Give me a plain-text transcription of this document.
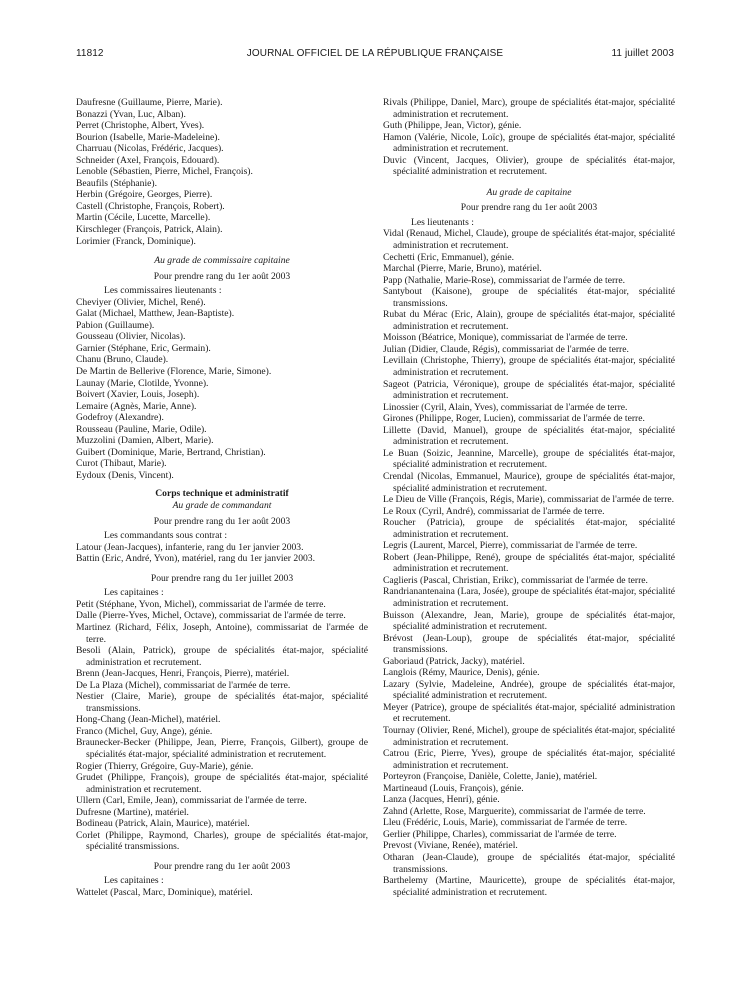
11812	JOURNAL OFFICIEL DE LA RÉPUBLIQUE FRANÇAISE	11 juillet 2003
Daufresne (Guillaume, Pierre, Marie).
Bonazzi (Yvan, Luc, Alban).
Perret (Christophe, Albert, Yves).
Bourion (Isabelle, Marie-Madeleine).
Charruau (Nicolas, Frédéric, Jacques).
Schneider (Axel, François, Edouard).
Lenoble (Sébastien, Pierre, Michel, François).
Beaufils (Stéphanie).
Herbin (Grégoire, Georges, Pierre).
Castell (Christophe, François, Robert).
Martin (Cécile, Lucette, Marcelle).
Kirschleger (François, Patrick, Alain).
Lorimier (Franck, Dominique).
Au grade de commissaire capitaine
Pour prendre rang du 1er août 2003
Les commissaires lieutenants :
Cheviyer (Olivier, Michel, René).
Galat (Michael, Matthew, Jean-Baptiste).
Pabion (Guillaume).
Gousseau (Olivier, Nicolas).
Garnier (Stéphane, Eric, Germain).
Chanu (Bruno, Claude).
De Martin de Bellerive (Florence, Marie, Simone).
Launay (Marie, Clotilde, Yvonne).
Boivert (Xavier, Louis, Joseph).
Lemaire (Agnès, Marie, Anne).
Godefroy (Alexandre).
Rousseau (Pauline, Marie, Odile).
Muzzolini (Damien, Albert, Marie).
Guibert (Dominique, Marie, Bertrand, Christian).
Curot (Thibaut, Marie).
Eydoux (Denis, Vincent).
Corps technique et administratif
Au grade de commandant
Pour prendre rang du 1er août 2003
Les commandants sous contrat :
Latour (Jean-Jacques), infanterie, rang du 1er janvier 2003.
Battin (Eric, André, Yvon), matériel, rang du 1er janvier 2003.
Pour prendre rang du 1er juillet 2003
Les capitaines :
Petit (Stéphane, Yvon, Michel), commissariat de l'armée de terre.
Dalle (Pierre-Yves, Michel, Octave), commissariat de l'armée de terre.
Martinez (Richard, Félix, Joseph, Antoine), commissariat de l'armée de terre.
Besoli (Alain, Patrick), groupe de spécialités état-major, spécialité administration et recrutement.
Brenn (Jean-Jacques, Henri, François, Pierre), matériel.
De La Plaza (Michel), commissariat de l'armée de terre.
Nestier (Claire, Marie), groupe de spécialités état-major, spécialité transmissions.
Hong-Chang (Jean-Michel), matériel.
Franco (Michel, Guy, Ange), génie.
Braunecker-Becker (Philippe, Jean, Pierre, François, Gilbert), groupe de spécialités état-major, spécialité administration et recrutement.
Rogier (Thierry, Grégoire, Guy-Marie), génie.
Grudet (Philippe, François), groupe de spécialités état-major, spécialité administration et recrutement.
Ullern (Carl, Emile, Jean), commissariat de l'armée de terre.
Dufresne (Martine), matériel.
Bodineau (Patrick, Alain, Maurice), matériel.
Corlet (Philippe, Raymond, Charles), groupe de spécialités état-major, spécialité transmissions.
Pour prendre rang du 1er août 2003
Les capitaines :
Wattelet (Pascal, Marc, Dominique), matériel.
Rivals (Philippe, Daniel, Marc), groupe de spécialités état-major, spécialité administration et recrutement.
Guth (Philippe, Jean, Victor), génie.
Hamon (Valérie, Nicole, Loïc), groupe de spécialités état-major, spécialité administration et recrutement.
Duvic (Vincent, Jacques, Olivier), groupe de spécialités état-major, spécialité administration et recrutement.
Au grade de capitaine
Pour prendre rang du 1er août 2003
Les lieutenants :
Vidal (Renaud, Michel, Claude), groupe de spécialités état-major, spécialité administration et recrutement.
Cechetti (Eric, Emmanuel), génie.
Marchal (Pierre, Marie, Bruno), matériel.
Papp (Nathalie, Marie-Rose), commissariat de l'armée de terre.
Santybout (Kaisone), groupe de spécialités état-major, spécialité transmissions.
Rubat du Mérac (Eric, Alain), groupe de spécialités état-major, spécialité administration et recrutement.
Moisson (Béatrice, Monique), commissariat de l'armée de terre.
Julian (Didier, Claude, Régis), commissariat de l'armée de terre.
Levillain (Christophe, Thierry), groupe de spécialités état-major, spécialité administration et recrutement.
Sageot (Patricia, Véronique), groupe de spécialités état-major, spécialité administration et recrutement.
Linossier (Cyril, Alain, Yves), commissariat de l'armée de terre.
Girones (Philippe, Roger, Lucien), commissariat de l'armée de terre.
Lillette (David, Manuel), groupe de spécialités état-major, spécialité administration et recrutement.
Le Buan (Soizic, Jeannine, Marcelle), groupe de spécialités état-major, spécialité administration et recrutement.
Crendal (Nicolas, Emmanuel, Maurice), groupe de spécialités état-major, spécialité administration et recrutement.
Le Dieu de Ville (François, Régis, Marie), commissariat de l'armée de terre.
Le Roux (Cyril, André), commissariat de l'armée de terre.
Roucher (Patricia), groupe de spécialités état-major, spécialité administration et recrutement.
Legris (Laurent, Marcel, Pierre), commissariat de l'armée de terre.
Robert (Jean-Philippe, René), groupe de spécialités état-major, spécialité administration et recrutement.
Caglieris (Pascal, Christian, Erikc), commissariat de l'armée de terre.
Randrianantenaina (Lara, Josée), groupe de spécialités état-major, spécialité administration et recrutement.
Buisson (Alexandre, Jean, Marie), groupe de spécialités état-major, spécialité administration et recrutement.
Brévost (Jean-Loup), groupe de spécialités état-major, spécialité transmissions.
Gaboriaud (Patrick, Jacky), matériel.
Langlois (Rémy, Maurice, Denis), génie.
Lazary (Sylvie, Madeleine, Andrée), groupe de spécialités état-major, spécialité administration et recrutement.
Meyer (Patrice), groupe de spécialités état-major, spécialité administration et recrutement.
Tournay (Olivier, René, Michel), groupe de spécialités état-major, spécialité administration et recrutement.
Catrou (Eric, Pierre, Yves), groupe de spécialités état-major, spécialité administration et recrutement.
Porteyron (Françoise, Danièle, Colette, Janie), matériel.
Martineaud (Louis, François), génie.
Lanza (Jacques, Henri), génie.
Zahnd (Arlette, Rose, Marguerite), commissariat de l'armée de terre.
Lleu (Frédéric, Louis, Marie), commissariat de l'armée de terre.
Gerlier (Philippe, Charles), commissariat de l'armée de terre.
Prevost (Viviane, Renée), matériel.
Otharan (Jean-Claude), groupe de spécialités état-major, spécialité transmissions.
Barthelemy (Martine, Mauricette), groupe de spécialités état-major, spécialité administration et recrutement.
